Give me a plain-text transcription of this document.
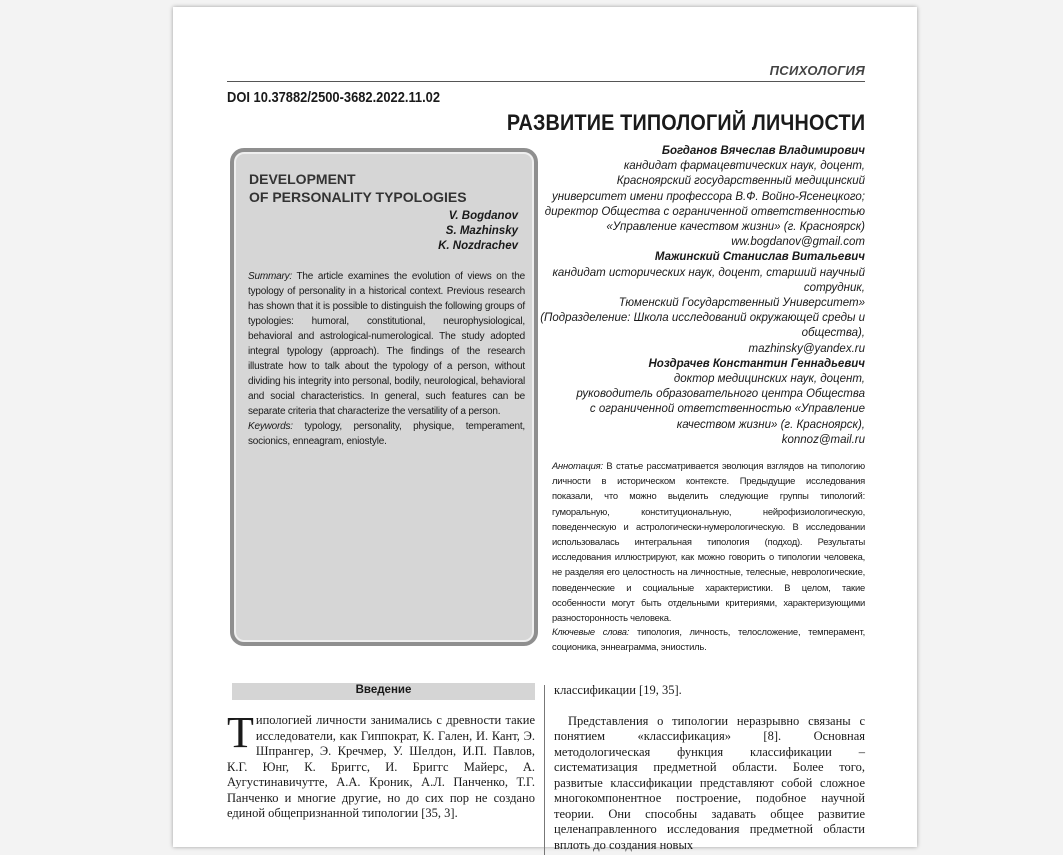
ПСИХОЛОГИЯ
DOI 10.37882/2500-3682.2022.11.02
РАЗВИТИЕ ТИПОЛОГИЙ ЛИЧНОСТИ
DEVELOPMENT
OF PERSONALITY TYPOLOGIES
V. Bogdanov
S. Mazhinsky
K. Nozdrachev
Summary: The article examines the evolution of views on the typology of personality in a historical context. Previous research has shown that it is possible to distinguish the following groups of typologies: humoral, constitutional, neurophysiological, behavioral and astrological-numerological. The study adopted integral typology (approach). The findings of the research illustrate how to talk about the typology of a person, without dividing his integrity into personal, bodily, neurological, behavioral and social characteristics. In general, such features can be separate criteria that characterize the versatility of a person.
Keywords: typology, personality, physique, temperament, socionics, enneagram, eniostyle.
Богданов Вячеслав Владимирович
кандидат фармацевтических наук, доцент,
Красноярский государственный медицинский
университет имени профессора В.Ф. Войно-Ясенецкого;
директор Общества с ограниченной ответственностью
«Управление качеством жизни» (г. Красноярск)
ww.bogdanov@gmail.com
Мажинский Станислав Витальевич
кандидат исторических наук, доцент, старший научный
сотрудник,
Тюменский Государственный Университет»
(Подразделение: Школа исследований окружающей среды и
общества),
mazhinsky@yandex.ru
Ноздрачев Константин Геннадьевич
доктор медицинских наук, доцент,
руководитель образовательного центра Общества
с ограниченной ответственностью «Управление
качеством жизни» (г. Красноярск),
konnoz@mail.ru
Аннотация: В статье рассматривается эволюция взглядов на типологию личности в историческом контексте. Предыдущие исследования показали, что можно выделить следующие группы типологий: гуморальную, конституциональную, нейрофизиологическую, поведенческую и астрологически-нумерологическую. В исследовании использовалась интегральная типология (подход). Результаты исследования иллюстрируют, как можно говорить о типологии человека, не разделяя его целостность на личностные, телесные, неврологические, поведенческие и социальные характеристики. В целом, такие особенности могут быть отдельными критериями, характеризующими разносторонность человека.
Ключевые слова: типология, личность, телосложение, темперамент, соционика, эннеаграмма, эниостиль.
Введение
Типологией личности занимались с древности такие исследователи, как Гиппократ, К. Гален, И. Кант, Э. Шпрангер, Э. Кречмер, У. Шелдон, И.П. Павлов, К.Г. Юнг, К. Бриггс, И. Бриггс Майерс, А. Аугустинавичутте, А.А. Кроник, А.Л. Панченко, Т.Г. Панченко и многие другие, но до сих пор не создано единой общепризнанной типологии [35, 3].

классификации [19, 35].

Представления о типологии неразрывно связаны с понятием «классификация» [8]. Основная методологическая функция классификации – систематизация предметной области. Более того, развитые классификации представляют собой сложное многокомпонентное построение, подобное научной теории. Они способны задавать общее развитие целенаправленного исследования предметной области вплоть до создания новых
